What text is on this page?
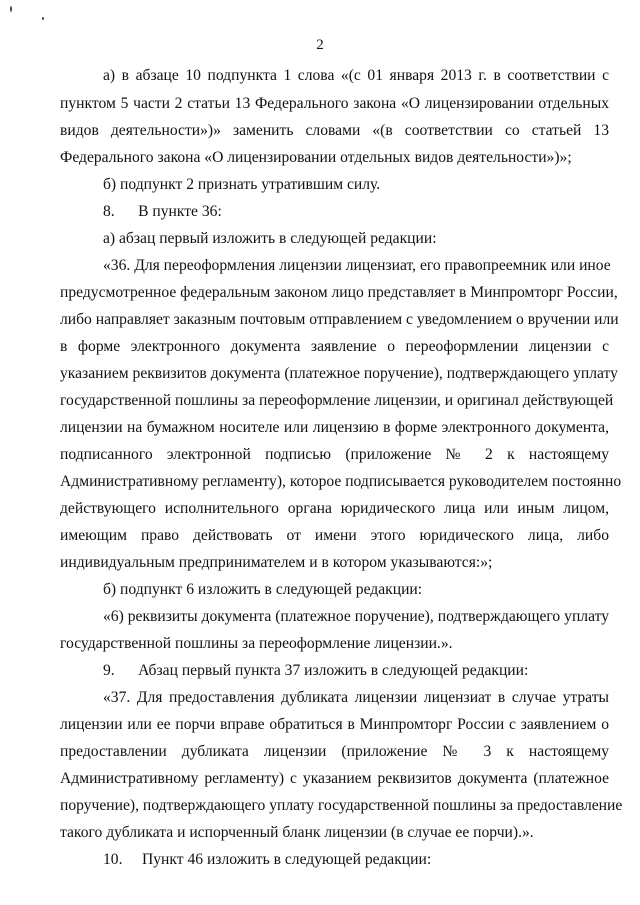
2
а) в абзаце 10 подпункта 1 слова «(с 01 января 2013 г. в соответствии с
пунктом 5 части 2 статьи 13 Федерального закона «О лицензировании отдельных
видов деятельности»)» заменить словами «(в соответствии со статьей 13
Федерального закона «О лицензировании отдельных видов деятельности»)»;
б) подпункт 2 признать утратившим силу.
8.      В пункте 36:
а) абзац первый изложить в следующей редакции:
«36. Для переоформления лицензии лицензиат, его правопреемник или иное
предусмотренное федеральным законом лицо представляет в Минпромторг России,
либо направляет заказным почтовым отправлением с уведомлением о вручении или
в форме электронного документа заявление о переоформлении лицензии с
указанием реквизитов документа (платежное поручение), подтверждающего уплату
государственной пошлины за переоформление лицензии, и оригинал действующей
лицензии на бумажном носителе или лицензию в форме электронного документа,
подписанного электронной подписью (приложение № 2 к настоящему
Административному регламенту), которое подписывается руководителем постоянно
действующего исполнительного органа юридического лица или иным лицом,
имеющим право действовать от имени этого юридического лица, либо
индивидуальным предпринимателем и в котором указываются:»;
б) подпункт 6 изложить в следующей редакции:
«6) реквизиты документа (платежное поручение), подтверждающего уплату
государственной пошлины за переоформление лицензии.».
9.      Абзац первый пункта 37 изложить в следующей редакции:
«37. Для предоставления дубликата лицензии лицензиат в случае утраты
лицензии или ее порчи вправе обратиться в Минпромторг России с заявлением о
предоставлении дубликата лицензии (приложение № 3 к настоящему
Административному регламенту) с указанием реквизитов документа (платежное
поручение), подтверждающего уплату государственной пошлины за предоставление
такого дубликата и испорченный бланк лицензии (в случае ее порчи).».
10.     Пункт 46 изложить в следующей редакции:
